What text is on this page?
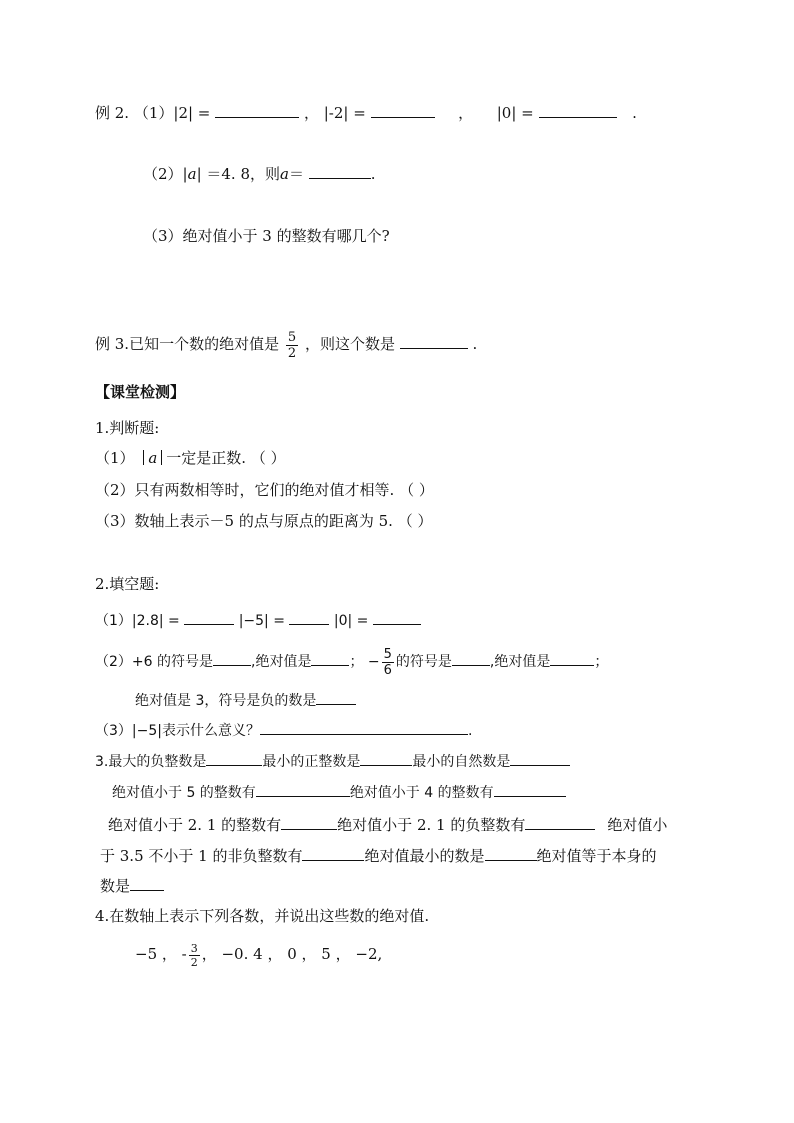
例 2. （1）|2| =	， |-2| =	， |0| =	.
（2）|a| ＝4. 8，则a＝	.
（3）绝对值小于 3 的整数有哪几个?
例 3.已知一个数的绝对值是 $\frac{5}{2}$ ，则这个数是	.
【课堂检测】
1.判断题:
（1） a 一定是正数. （ ）
（2）只有两数相等时，它们的绝对值才相等. （ ）
（3）数轴上表示－5 的点与原点的距离为 5. （ ）
2.填空题:
（1）|2.8| =	|−5| =	|0| =
（2）+6 的符号是	,绝对值是	； − $\frac{5}{6}$ 的符号是	,绝对值是	；
绝对值是 3，符号是负的数是
（3）|−5|表示什么意义？	.
3.最大的负整数是	最小的正整数是	最小的自然数是
绝对值小于 5 的整数有	绝对值小于 4 的整数有
绝对值小于 2. 1 的整数有	绝对值小于 2. 1 的负整数有	绝对值小
于 3.5 不小于 1 的非负整数有	绝对值最小的数是	绝对值等于本身的
数是
4.在数轴上表示下列各数，并说出这些数的绝对值.
−5 ， - $\frac{3}{2}$ ， −0. 4 ， 0 ， 5 ， −2,
